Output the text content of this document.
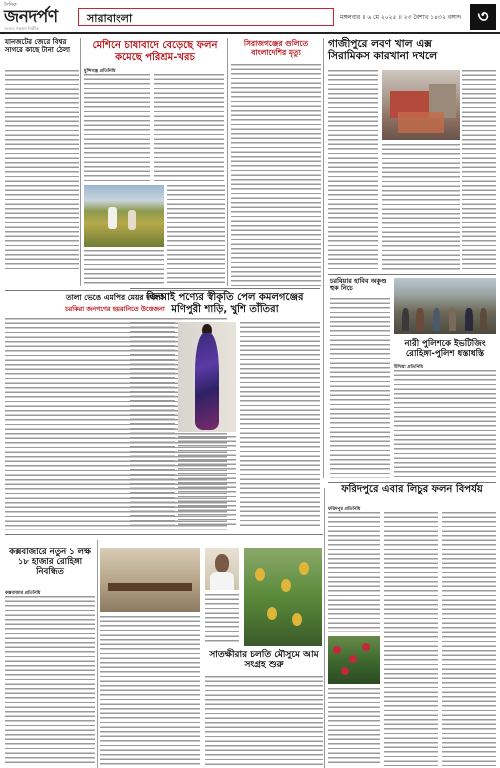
দৈনিক
জনদর্পণ
সত্যের সন্ধানে নির্ভীক
সারাবাংলা	মঙ্গলবার ॥ ৬ মে ২০২৫ ॥ ২৩ বৈশাখ ১৪৩২ বঙ্গাব্দ ৩
যানজটের জেরে বিশ্বর সাগরে কাছে টানা ঠেলা	মেশিনে চাষাবাদে বেড়েছে ফলন কমেছে পরিশ্রম-খরচ
মুন্সিগঞ্জ প্রতিনিধি
সিরাজগঞ্জের গুলিতে বাংলাদেশির মৃত্যু
গাজীপুরে লবণ খাল এক্স সিরামিকস কারখানা দখলে
চরবিয়ার হাবিব অকুণ্ড হুক নিচে
নারী পুলিশকে ইভটিজিং রোহিঙ্গা-পুলিশ ধস্তাধস্তি
উখিয়া প্রতিনিধি
তালা ভেঙে এমপির মেয়র দখল!
চরকিরা জনগণের হয়রানিতে উত্তেজনা
জিআই পণ্যের স্বীকৃতি পেল কমলগঞ্জের মণিপুরী শাড়ি, খুশি তাঁতিরা
ফরিদপুরে এবার লিচুর ফলন বিপর্যয়
ফরিদপুর প্রতিনিধি
কক্সবাজারে নতুন ১ লক্ষ ১৮ হাজার রোহিঙ্গা নিবন্ধিত
কক্সবাজার প্রতিনিধি
সাতক্ষীরার চলতি মৌসুমে আম সংগ্রহ শুরু
